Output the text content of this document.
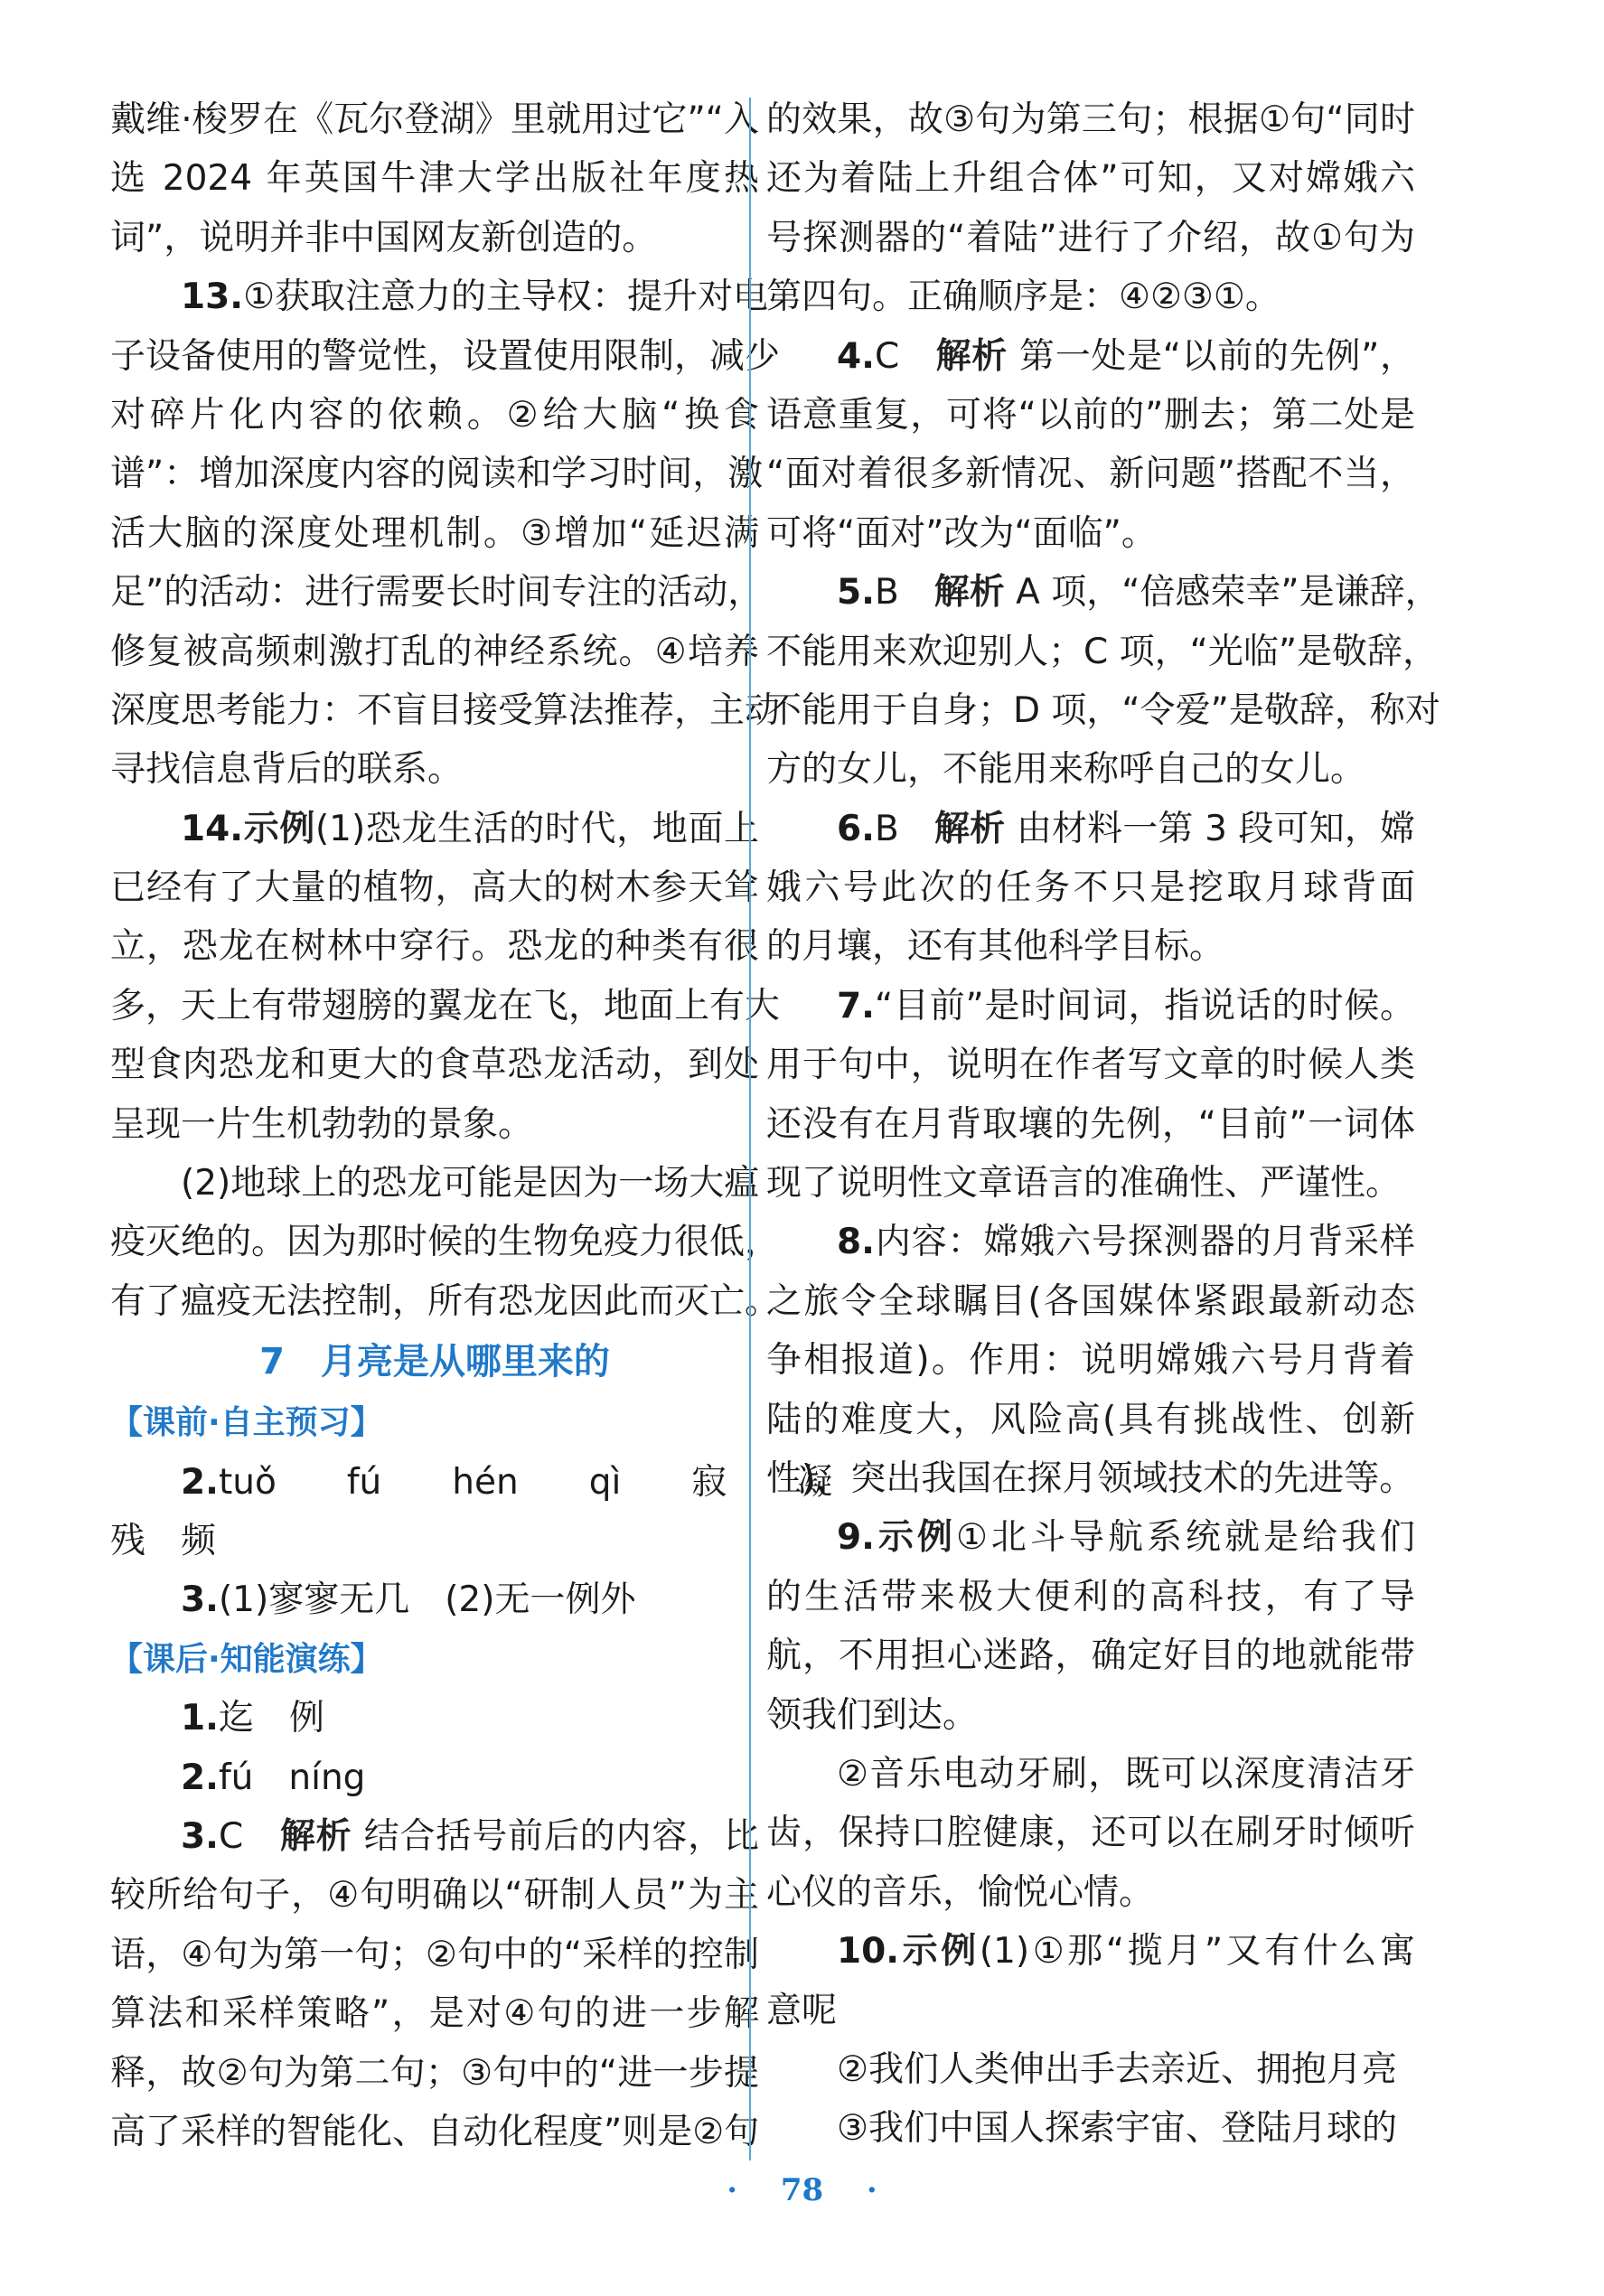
戴维·梭罗在《瓦尔登湖》里就用过它”“入
选 2024 年英国牛津大学出版社年度热
词”，说明并非中国网友新创造的。
13.①获取注意力的主导权：提升对电
子设备使用的警觉性，设置使用限制，减少
对碎片化内容的依赖。②给大脑“换食
谱”：增加深度内容的阅读和学习时间，激
活大脑的深度处理机制。③增加“延迟满
足”的活动：进行需要长时间专注的活动，
修复被高频刺激打乱的神经系统。④培养
深度思考能力：不盲目接受算法推荐，主动
寻找信息背后的联系。
14.示例(1)恐龙生活的时代，地面上
已经有了大量的植物，高大的树木参天耸
立，恐龙在树林中穿行。恐龙的种类有很
多，天上有带翅膀的翼龙在飞，地面上有大
型食肉恐龙和更大的食草恐龙活动，到处
呈现一片生机勃勃的景象。
(2)地球上的恐龙可能是因为一场大瘟
疫灭绝的。因为那时候的生物免疫力很低，
有了瘟疫无法控制，所有恐龙因此而灭亡。
7　月亮是从哪里来的
【课前·自主预习】
2.tuǒ　　fú　　hén　　qì　　寂　　凝
残　频
3.(1)寥寥无几　(2)无一例外
【课后·知能演练】
1.迄　例
2.fú　níng
3.C　解析 结合括号前后的内容，比
较所给句子，④句明确以“研制人员”为主
语，④句为第一句；②句中的“采样的控制
算法和采样策略”，是对④句的进一步解
释，故②句为第二句；③句中的“进一步提
高了采样的智能化、自动化程度”则是②句
的效果，故③句为第三句；根据①句“同时
还为着陆上升组合体”可知，又对嫦娥六
号探测器的“着陆”进行了介绍，故①句为
第四句。正确顺序是：④②③①。
4.C　解析 第一处是“以前的先例”，
语意重复，可将“以前的”删去；第二处是
“面对着很多新情况、新问题”搭配不当，
可将“面对”改为“面临”。
5.B　解析 A 项，“倍感荣幸”是谦辞，
不能用来欢迎别人；C 项，“光临”是敬辞，
不能用于自身；D 项，“令爱”是敬辞，称对
方的女儿，不能用来称呼自己的女儿。
6.B　解析 由材料一第 3 段可知，嫦
娥六号此次的任务不只是挖取月球背面
的月壤，还有其他科学目标。
7.“目前”是时间词，指说话的时候。
用于句中，说明在作者写文章的时候人类
还没有在月背取壤的先例，“目前”一词体
现了说明性文章语言的准确性、严谨性。
8.内容：嫦娥六号探测器的月背采样
之旅令全球瞩目(各国媒体紧跟最新动态
争相报道)。作用：说明嫦娥六号月背着
陆的难度大，风险高(具有挑战性、创新
性)，突出我国在探月领域技术的先进等。
9.示例①北斗导航系统就是给我们
的生活带来极大便利的高科技，有了导
航，不用担心迷路，确定好目的地就能带
领我们到达。
②音乐电动牙刷，既可以深度清洁牙
齿，保持口腔健康，还可以在刷牙时倾听
心仪的音乐，愉悦心情。
10.示例(1)①那“揽月”又有什么寓
意呢
②我们人类伸出手去亲近、拥抱月亮
③我们中国人探索宇宙、登陆月球的
· 78 ·
